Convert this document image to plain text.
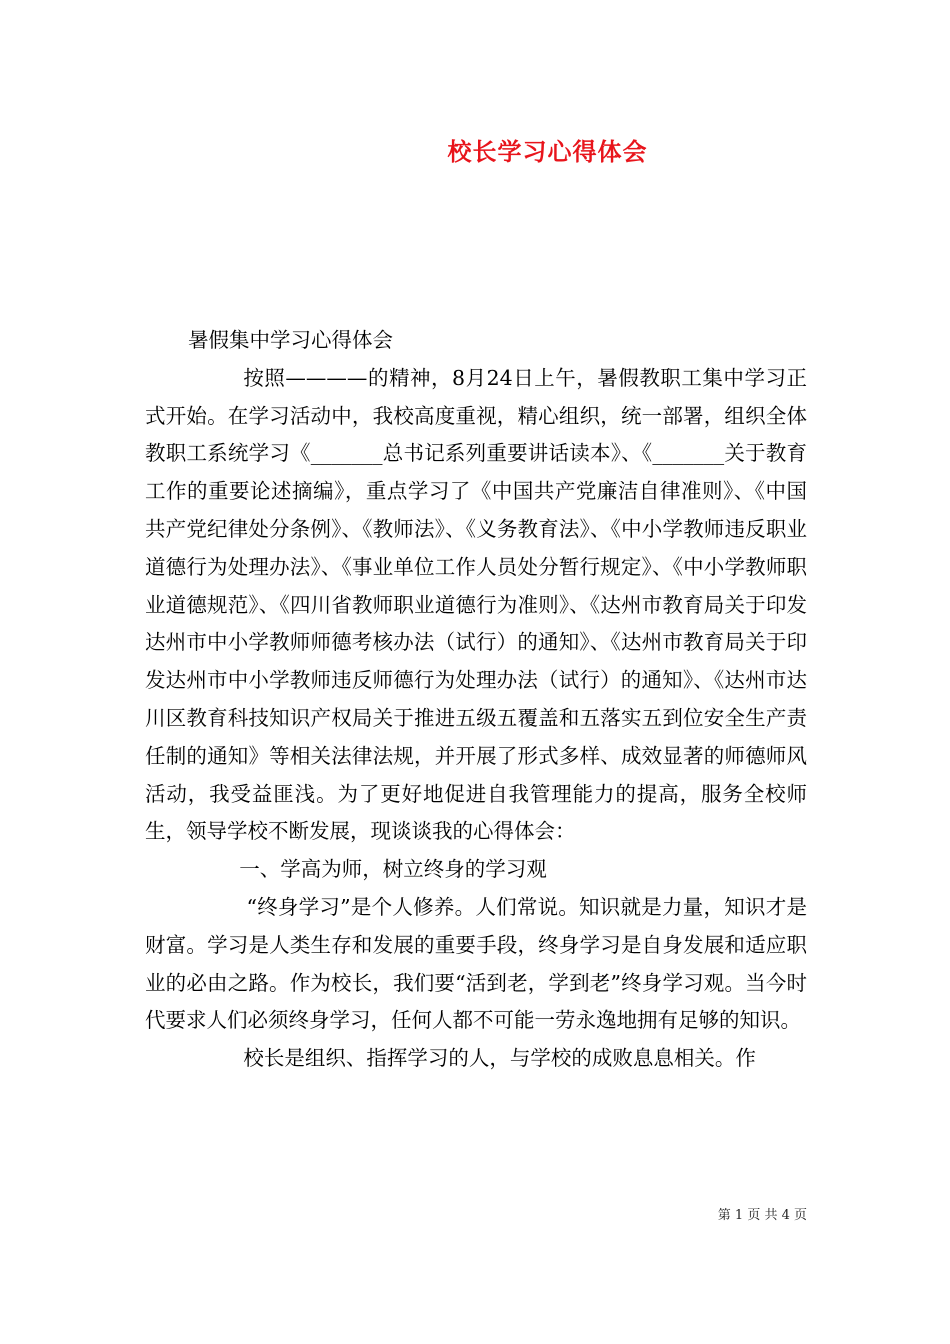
校长学习心得体会

暑假集中学习心得体会

按照————的精神，8月24日上午，暑假教职工集中学习正式开始。在学习活动中，我校高度重视，精心组织，统一部署，组织全体教职工系统学习《_______总书记系列重要讲话读本》、《_______关于教育工作的重要论述摘编》，重点学习了《中国共产党廉洁自律准则》、《中国共产党纪律处分条例》、《教师法》、《义务教育法》、《中小学教师违反职业道德行为处理办法》、《事业单位工作人员处分暂行规定》、《中小学教师职业道德规范》、《四川省教师职业道德行为准则》、《达州市教育局关于印发达州市中小学教师师德考核办法（试行）的通知》、《达州市教育局关于印发达州市中小学教师违反师德行为处理办法（试行）的通知》、《达州市达川区教育科技知识产权局关于推进五级五覆盖和五落实五到位安全生产责任制的通知》等相关法律法规，并开展了形式多样、成效显著的师德师风活动，我受益匪浅。为了更好地促进自我管理能力的提高，服务全校师生，领导学校不断发展，现谈谈我的心得体会：

一、学高为师，树立终身的学习观

“终身学习”是个人修养。人们常说。知识就是力量，知识才是财富。学习是人类生存和发展的重要手段，终身学习是自身发展和适应职业的必由之路。作为校长，我们要“活到老，学到老”终身学习观。当今时代要求人们必须终身学习，任何人都不可能一劳永逸地拥有足够的知识。

校长是组织、指挥学习的人，与学校的成败息息相关。作

第 1 页 共 4 页
